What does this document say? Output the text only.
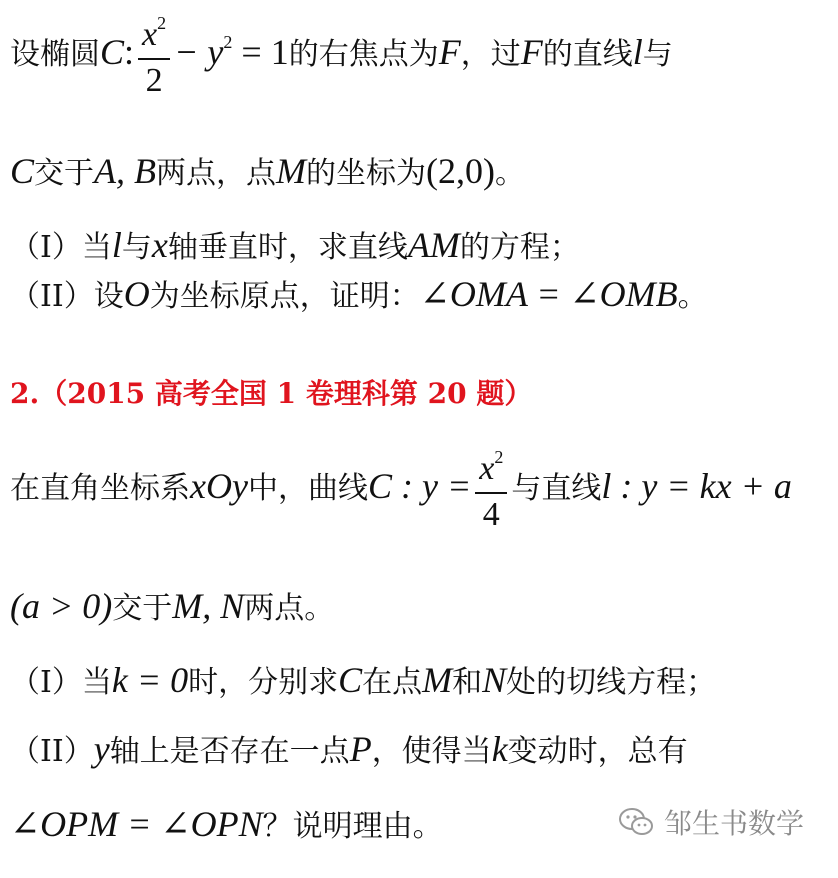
设椭圆C: $\frac{x^2}{2} - y^2 = 1$的右焦点为F，过F的直线l与
C交于A, B两点，点M的坐标为(2,0)。
（I）当l与x轴垂直时，求直线AM的方程；
（II）设O为坐标原点，证明：∠OMA = ∠OMB。
2.（2015 高考全国 1 卷理科第 20 题）
在直角坐标系xOy中，曲线C : $y = \frac{x^2}{4}$ 与直线l : y = kx + a
(a > 0)交于M, N两点。
（I）当k = 0时，分别求C在点M和N处的切线方程；
（II）y轴上是否存在一点P，使得当k变动时，总有
∠OPM = ∠OPN？说明理由。	邹生书数学
